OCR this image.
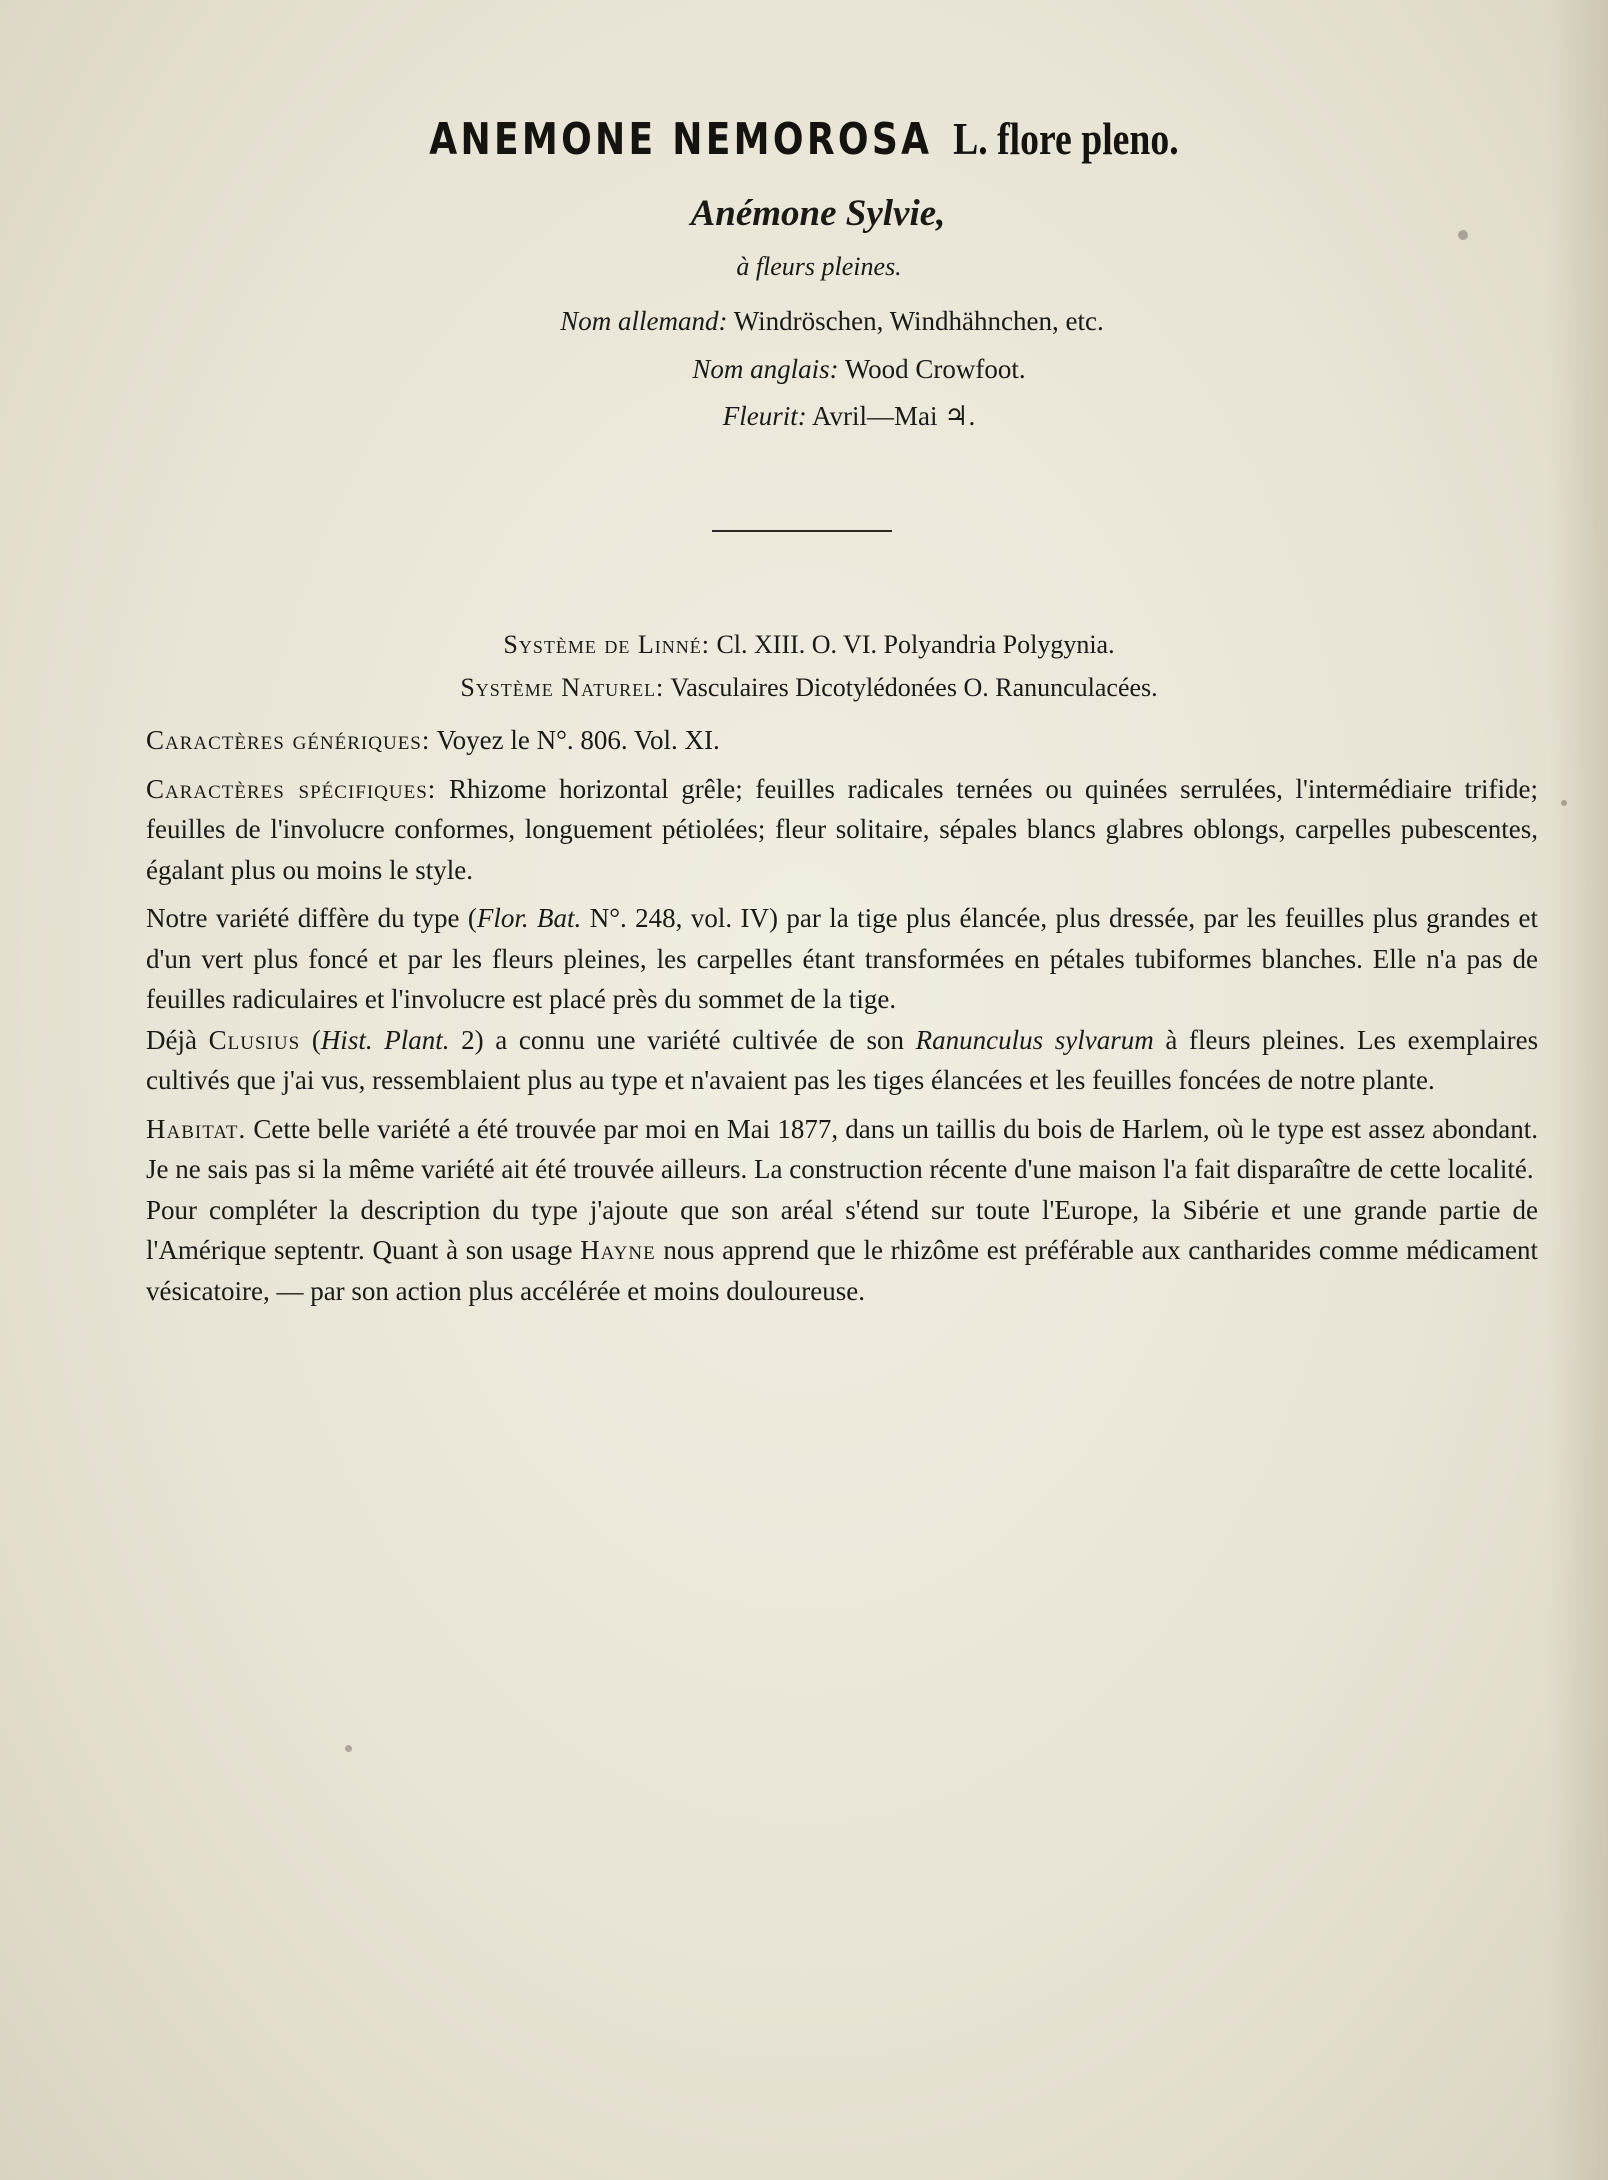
ANEMONE NEMOROSA L. flore pleno.
Anémone Sylvie,
à fleurs pleines.
Nom allemand: Windröschen, Windhähnchen, etc.
Nom anglais: Wood Crowfoot.
Fleurit: Avril—Mai ♃.
Système de Linné: Cl. XIII. O. VI. Polyandria Polygynia.
Système Naturel: Vasculaires Dicotylédonées O. Ranunculacées.

Caractères génériques: Voyez le N°. 806. Vol. XI.

Caractères spécifiques: Rhizome horizontal grêle; feuilles radicales ternées ou quinées serrulées, l'intermédiaire trifide; feuilles de l'involucre conformes, longuement pétiolées; fleur solitaire, sépales blancs glabres oblongs, carpelles pubescentes, égalant plus ou moins le style.

Notre variété diffère du type (Flor. Bat. N°. 248, vol. IV) par la tige plus élancée, plus dressée, par les feuilles plus grandes et d'un vert plus foncé et par les fleurs pleines, les carpelles étant transformées en pétales tubiformes blanches. Elle n'a pas de feuilles radiculaires et l'involucre est placé près du sommet de la tige.

Déjà Clusius (Hist. Plant. 2) a connu une variété cultivée de son Ranunculus sylvarum à fleurs pleines. Les exemplaires cultivés que j'ai vus, ressemblaient plus au type et n'avaient pas les tiges élancées et les feuilles foncées de notre plante.

Habitat. Cette belle variété a été trouvée par moi en Mai 1877, dans un taillis du bois de Harlem, où le type est assez abondant. Je ne sais pas si la même variété ait été trouvée ailleurs. La construction récente d'une maison l'a fait disparaître de cette localité.

Pour compléter la description du type j'ajoute que son aréal s'étend sur toute l'Europe, la Sibérie et une grande partie de l'Amérique septentr. Quant à son usage Hayne nous apprend que le rhizôme est préférable aux cantharides comme médicament vésicatoire, — par son action plus accélérée et moins douloureuse.
